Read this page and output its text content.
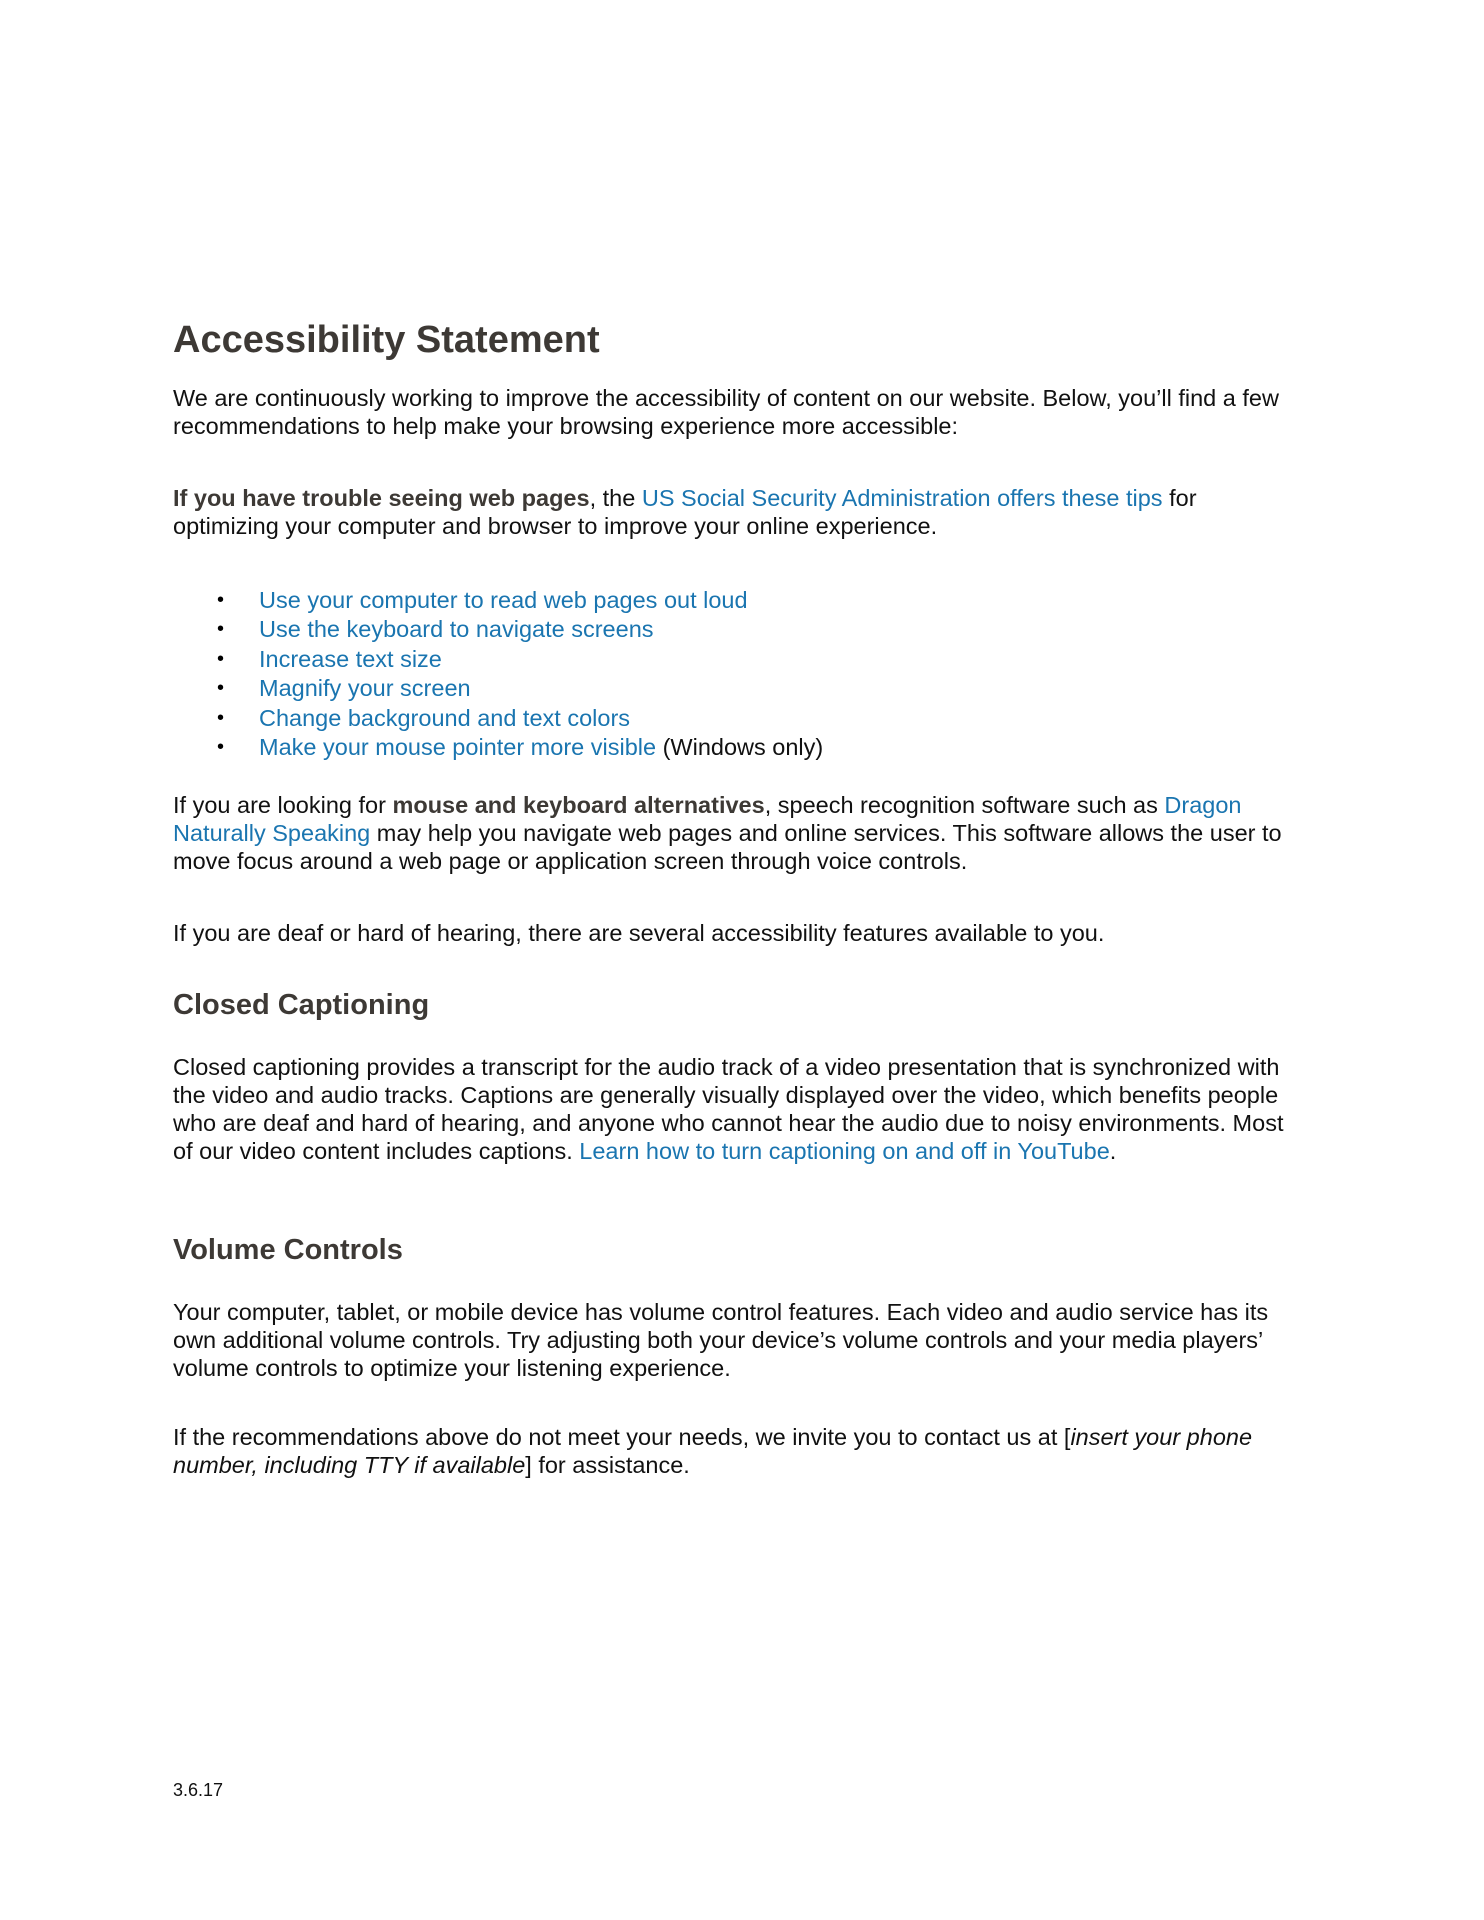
Accessibility Statement

We are continuously working to improve the accessibility of content on our website. Below, you’ll find a few recommendations to help make your browsing experience more accessible:

If you have trouble seeing web pages, the US Social Security Administration offers these tips for optimizing your computer and browser to improve your online experience.

• Use your computer to read web pages out loud
• Use the keyboard to navigate screens
• Increase text size
• Magnify your screen
• Change background and text colors
• Make your mouse pointer more visible (Windows only)

If you are looking for mouse and keyboard alternatives, speech recognition software such as Dragon Naturally Speaking may help you navigate web pages and online services. This software allows the user to move focus around a web page or application screen through voice controls.

If you are deaf or hard of hearing, there are several accessibility features available to you.

Closed Captioning

Closed captioning provides a transcript for the audio track of a video presentation that is synchronized with the video and audio tracks. Captions are generally visually displayed over the video, which benefits people who are deaf and hard of hearing, and anyone who cannot hear the audio due to noisy environments. Most of our video content includes captions. Learn how to turn captioning on and off in YouTube.

Volume Controls

Your computer, tablet, or mobile device has volume control features. Each video and audio service has its own additional volume controls. Try adjusting both your device’s volume controls and your media players’ volume controls to optimize your listening experience.

If the recommendations above do not meet your needs, we invite you to contact us at [insert your phone number, including TTY if available] for assistance.

3.6.17
